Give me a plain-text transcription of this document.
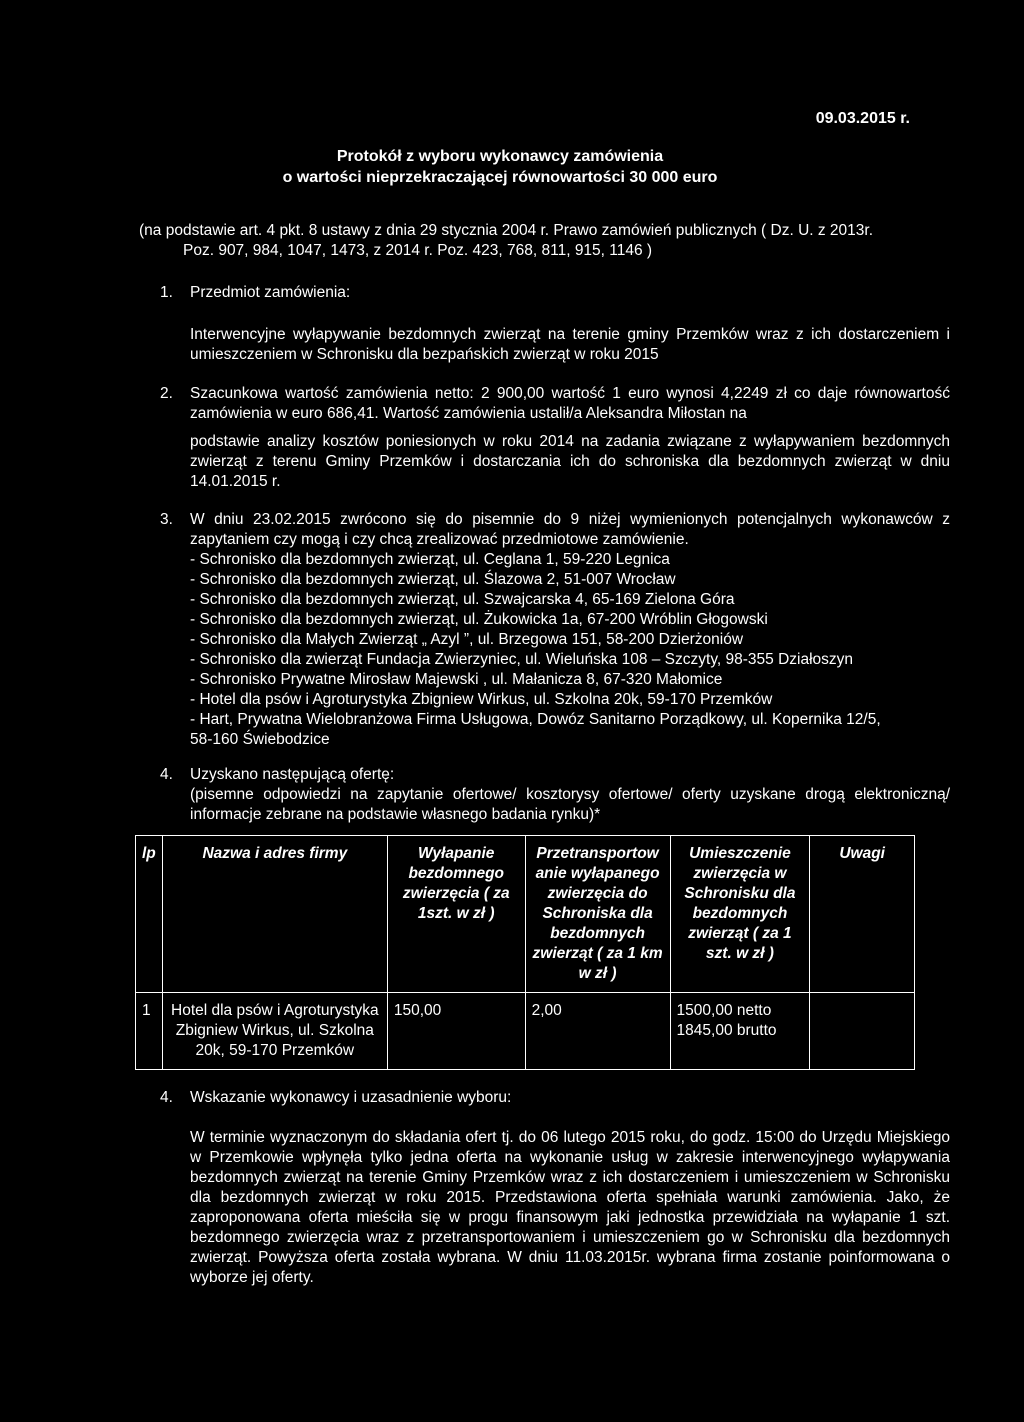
09.03.2015 r.
Protokół z wyboru wykonawcy zamówienia
o wartości nieprzekraczającej równowartości 30 000 euro
(na podstawie art. 4 pkt. 8 ustawy z dnia 29 stycznia 2004 r. Prawo zamówień publicznych ( Dz. U. z 2013r.
Poz. 907, 984, 1047, 1473, z 2014 r. Poz. 423, 768, 811, 915, 1146 )
1.	Przedmiot zamówienia:
Interwencyjne wyłapywanie bezdomnych zwierząt na terenie gminy Przemków wraz z ich dostarczeniem i umieszczeniem w Schronisku dla bezpańskich zwierząt w roku 2015
2.	Szacunkowa wartość zamówienia netto: 2 900,00 wartość 1 euro wynosi 4,2249 zł co daje równowartość zamówienia w euro 686,41. Wartość zamówienia ustalił/a Aleksandra Miłostan na
podstawie analizy kosztów poniesionych w roku 2014 na zadania związane z wyłapywaniem bezdomnych zwierząt z terenu Gminy Przemków i dostarczania ich do schroniska dla bezdomnych zwierząt w dniu 14.01.2015 r.
3.	W dniu 23.02.2015 zwrócono się do pisemnie do 9 niżej wymienionych potencjalnych wykonawców z zapytaniem czy mogą i czy chcą zrealizować przedmiotowe zamówienie.
- Schronisko dla bezdomnych zwierząt, ul. Ceglana 1, 59-220 Legnica
- Schronisko dla bezdomnych zwierząt, ul. Ślazowa 2, 51-007 Wrocław
- Schronisko dla bezdomnych zwierząt, ul. Szwajcarska 4, 65-169 Zielona Góra
- Schronisko dla bezdomnych zwierząt, ul. Żukowicka 1a, 67-200 Wróblin Głogowski
- Schronisko dla Małych Zwierząt „ Azyl ”, ul. Brzegowa 151, 58-200 Dzierżoniów
- Schronisko dla zwierząt Fundacja Zwierzyniec, ul. Wieluńska 108 – Szczyty, 98-355 Działoszyn
- Schronisko Prywatne Mirosław Majewski , ul. Małanicza 8, 67-320 Małomice
- Hotel dla psów i Agroturystyka Zbigniew Wirkus, ul. Szkolna 20k, 59-170 Przemków
- Hart, Prywatna Wielobranżowa Firma Usługowa, Dowóz Sanitarno Porządkowy, ul. Kopernika 12/5,
58-160 Świebodzice
4.	Uzyskano następującą ofertę:
(pisemne odpowiedzi na zapytanie ofertowe/ kosztorysy ofertowe/ oferty uzyskane drogą elektroniczną/ informacje zebrane na podstawie własnego badania rynku)*
lp	Nazwa i adres firmy	Wyłapanie bezdomnego zwierzęcia ( za 1szt. w zł )	Przetransportow anie wyłapanego zwierzęcia do Schroniska dla bezdomnych zwierząt ( za 1 km w zł )	Umieszczenie zwierzęcia w Schronisku dla bezdomnych zwierząt ( za 1 szt. w zł )	Uwagi
1	Hotel dla psów i Agroturystyka Zbigniew Wirkus, ul. Szkolna 20k, 59-170 Przemków	150,00	2,00	1500,00 netto
1845,00 brutto	

4.	Wskazanie wykonawcy i uzasadnienie wyboru:
W terminie wyznaczonym do składania ofert tj. do 06 lutego 2015 roku, do godz. 15:00 do Urzędu Miejskiego w Przemkowie wpłynęła tylko jedna oferta na wykonanie usług w zakresie interwencyjnego wyłapywania bezdomnych zwierząt na terenie Gminy Przemków wraz z ich dostarczeniem i umieszczeniem w Schronisku dla bezdomnych zwierząt w roku 2015. Przedstawiona oferta spełniała warunki zamówienia. Jako, że zaproponowana oferta mieściła się w progu finansowym jaki jednostka przewidziała na wyłapanie 1 szt. bezdomnego zwierzęcia wraz z przetransportowaniem i umieszczeniem go w Schronisku dla bezdomnych zwierząt. Powyższa oferta została wybrana. W dniu 11.03.2015r. wybrana firma zostanie poinformowana o wyborze jej oferty.
